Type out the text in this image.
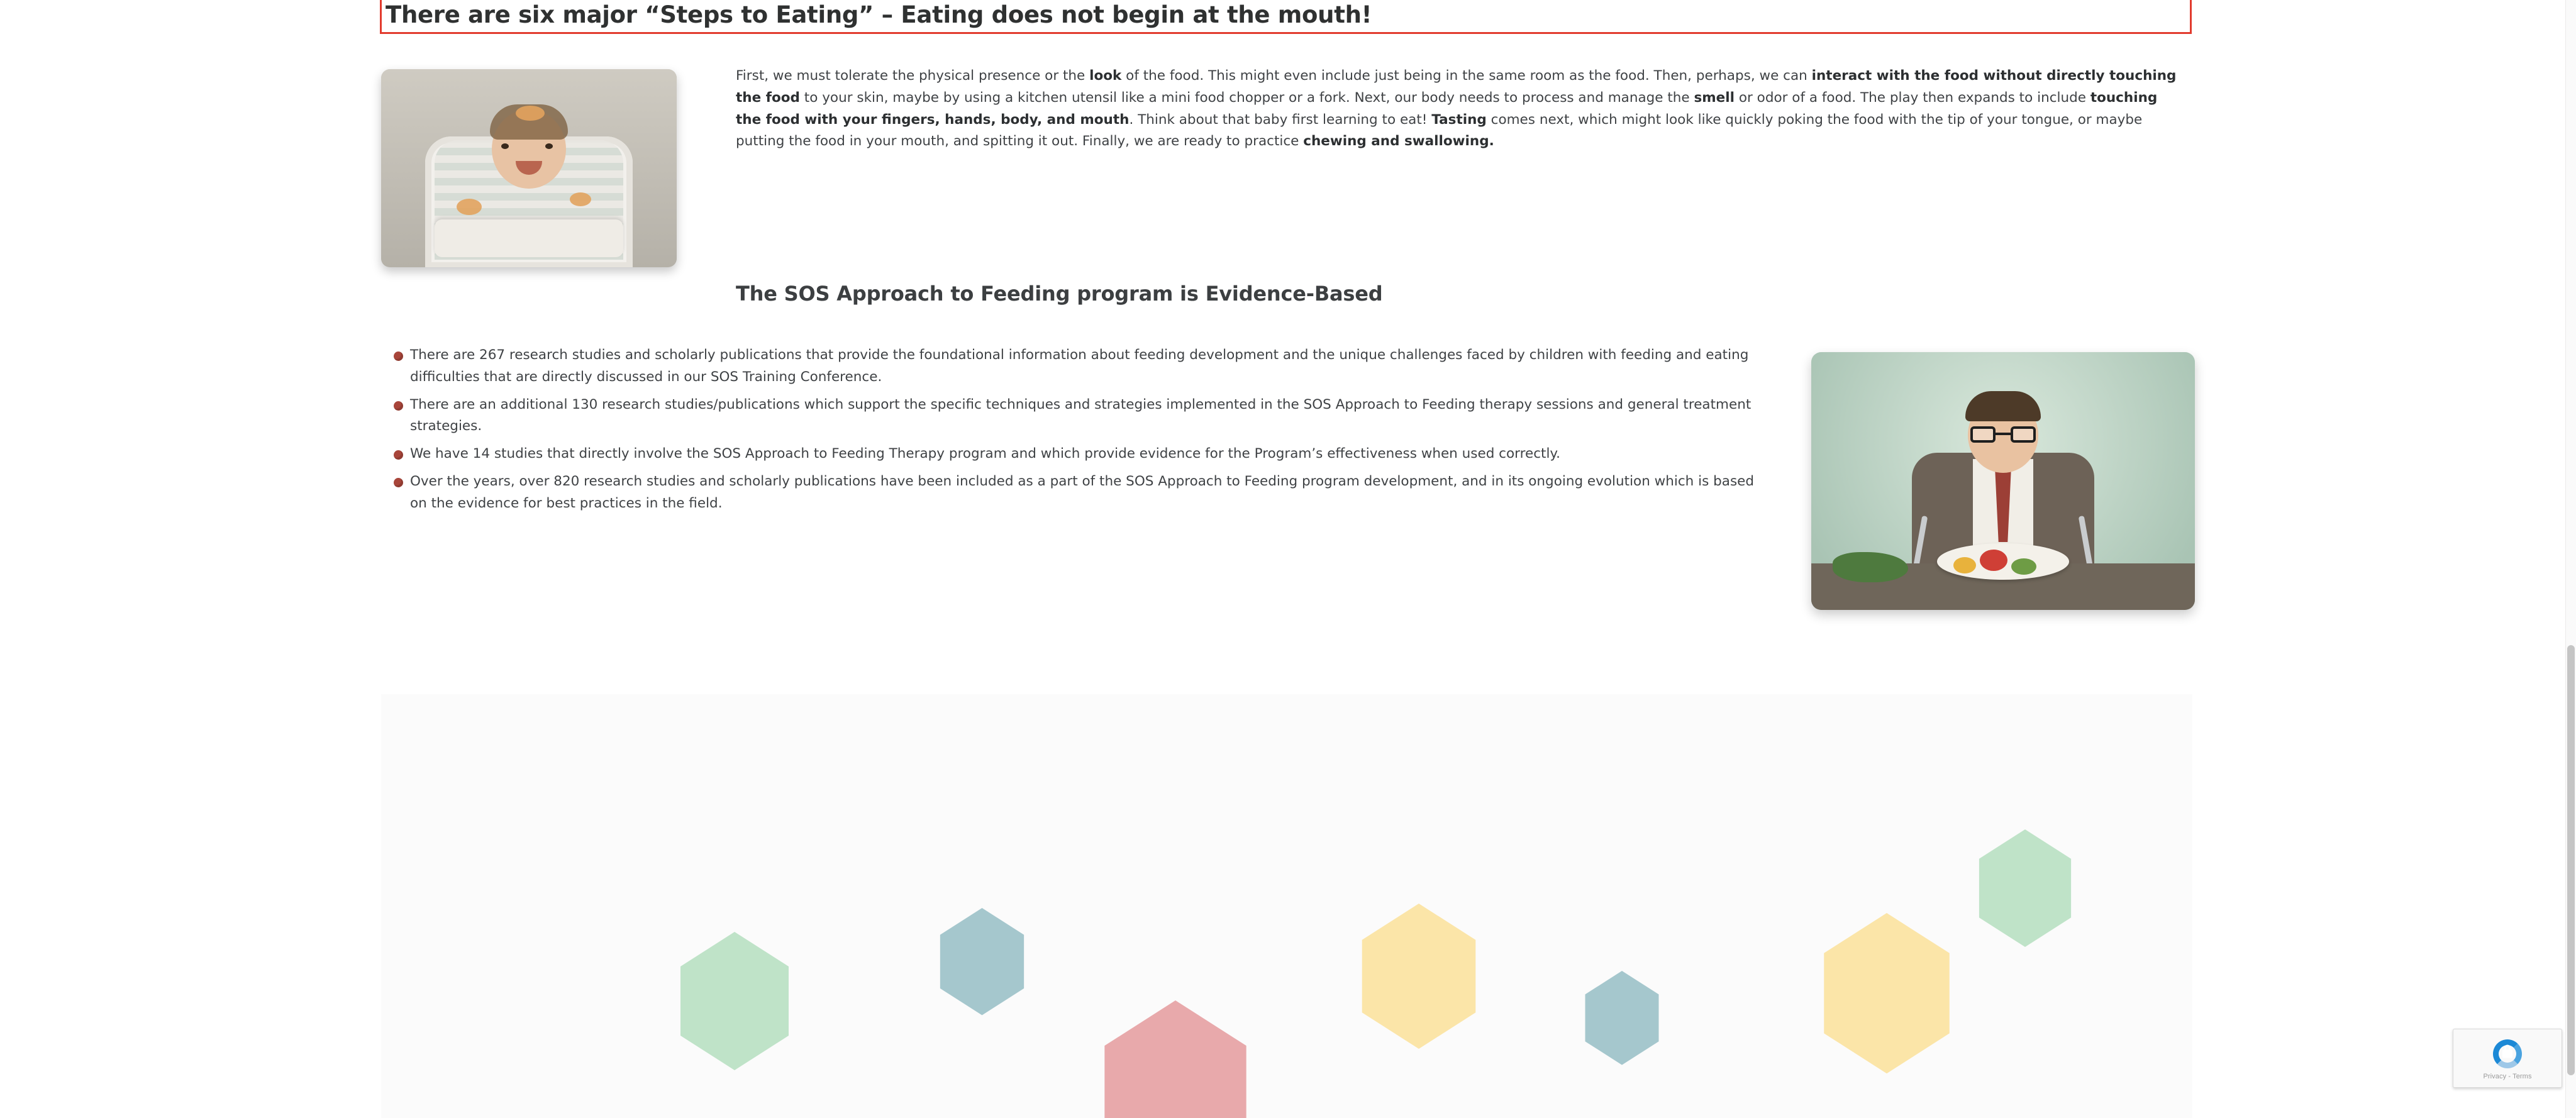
There are six major “Steps to Eating” – Eating does not begin at the mouth!
First, we must tolerate the physical presence or the look of the food. This might even include just being in the same room as the food. Then, perhaps, we can interact with the food without directly touching the food to your skin, maybe by using a kitchen utensil like a mini food chopper or a fork. Next, our body needs to process and manage the smell or odor of a food. The play then expands to include touching the food with your fingers, hands, body, and mouth. Think about that baby first learning to eat! Tasting comes next, which might look like quickly poking the food with the tip of your tongue, or maybe putting the food in your mouth, and spitting it out. Finally, we are ready to practice chewing and swallowing.
The SOS Approach to Feeding program is Evidence-Based
There are 267 research studies and scholarly publications that provide the foundational information about feeding development and the unique challenges faced by children with feeding and eating difficulties that are directly discussed in our SOS Training Conference.
There are an additional 130 research studies/publications which support the specific techniques and strategies implemented in the SOS Approach to Feeding therapy sessions and general treatment strategies.
We have 14 studies that directly involve the SOS Approach to Feeding Therapy program and which provide evidence for the Program’s effectiveness when used correctly.
Over the years, over 820 research studies and scholarly publications have been included as a part of the SOS Approach to Feeding program development, and in its ongoing evolution which is based on the evidence for best practices in the field.
Privacy - Terms
